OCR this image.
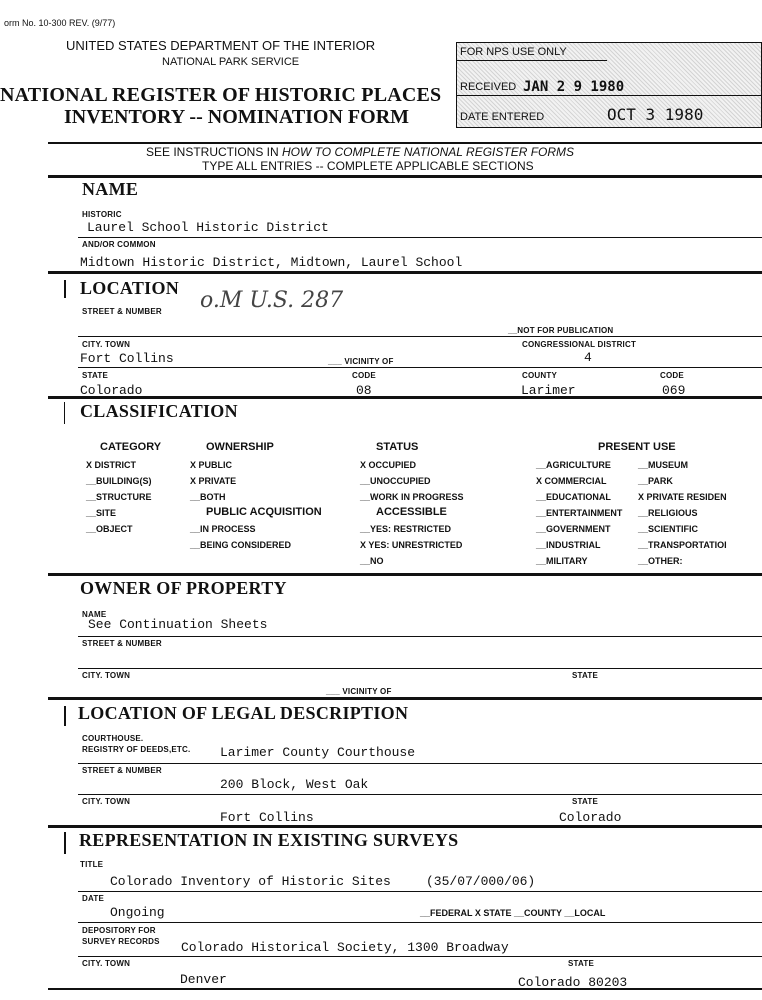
orm No. 10-300 REV. (9/77)
UNITED STATES DEPARTMENT OF THE INTERIOR
NATIONAL PARK SERVICE
NATIONAL REGISTER OF HISTORIC PLACES
INVENTORY -- NOMINATION FORM
FOR NPS USE ONLY
RECEIVED JAN 2 9 1980
DATE ENTERED	OCT 3 1980
SEE INSTRUCTIONS IN HOW TO COMPLETE NATIONAL REGISTER FORMS
TYPE ALL ENTRIES -- COMPLETE APPLICABLE SECTIONS
NAME
HISTORIC
Laurel School Historic District
AND/OR COMMON
Midtown Historic District, Midtown, Laurel School
LOCATION
STREET & NUMBER o.M U.S. 287
__NOT FOR PUBLICATION
CITY. TOWN	CONGRESSIONAL DISTRICT
Fort Collins	___ VICINITY OF	4
STATE	CODE	COUNTY	CODE
Colorado	08	Larimer	069
CLASSIFICATION
CATEGORY
X DISTRICT
__BUILDING(S)
__STRUCTURE
__SITE
__OBJECT
OWNERSHIP
X PUBLIC
X PRIVATE
__BOTH
PUBLIC ACQUISITION
__IN PROCESS
__BEING CONSIDERED
STATUS
X OCCUPIED
__UNOCCUPIED
__WORK IN PROGRESS
ACCESSIBLE
__YES: RESTRICTED
X YES: UNRESTRICTED
__NO
PRESENT USE
__AGRICULTURE
X COMMERCIAL
__EDUCATIONAL
__ENTERTAINMENT
__GOVERNMENT
__INDUSTRIAL
__MILITARY
__MUSEUM
__PARK
X PRIVATE RESIDEN
__RELIGIOUS
__SCIENTIFIC
__TRANSPORTATIOI
__OTHER:
OWNER OF PROPERTY
NAME
See Continuation Sheets
STREET & NUMBER
CITY. TOWN	STATE
___ VICINITY OF
LOCATION OF LEGAL DESCRIPTION
COURTHOUSE.
REGISTRY OF DEEDS,ETC. Larimer County Courthouse
STREET & NUMBER
200 Block, West Oak
CITY. TOWN	STATE
Fort Collins	Colorado
REPRESENTATION IN EXISTING SURVEYS
TITLE
Colorado Inventory of Historic Sites	(35/07/000/06)
DATE
Ongoing	__FEDERAL X STATE __COUNTY __LOCAL
DEPOSITORY FOR
SURVEY RECORDS Colorado Historical Society, 1300 Broadway
CITY. TOWN	STATE
Denver	Colorado 80203
